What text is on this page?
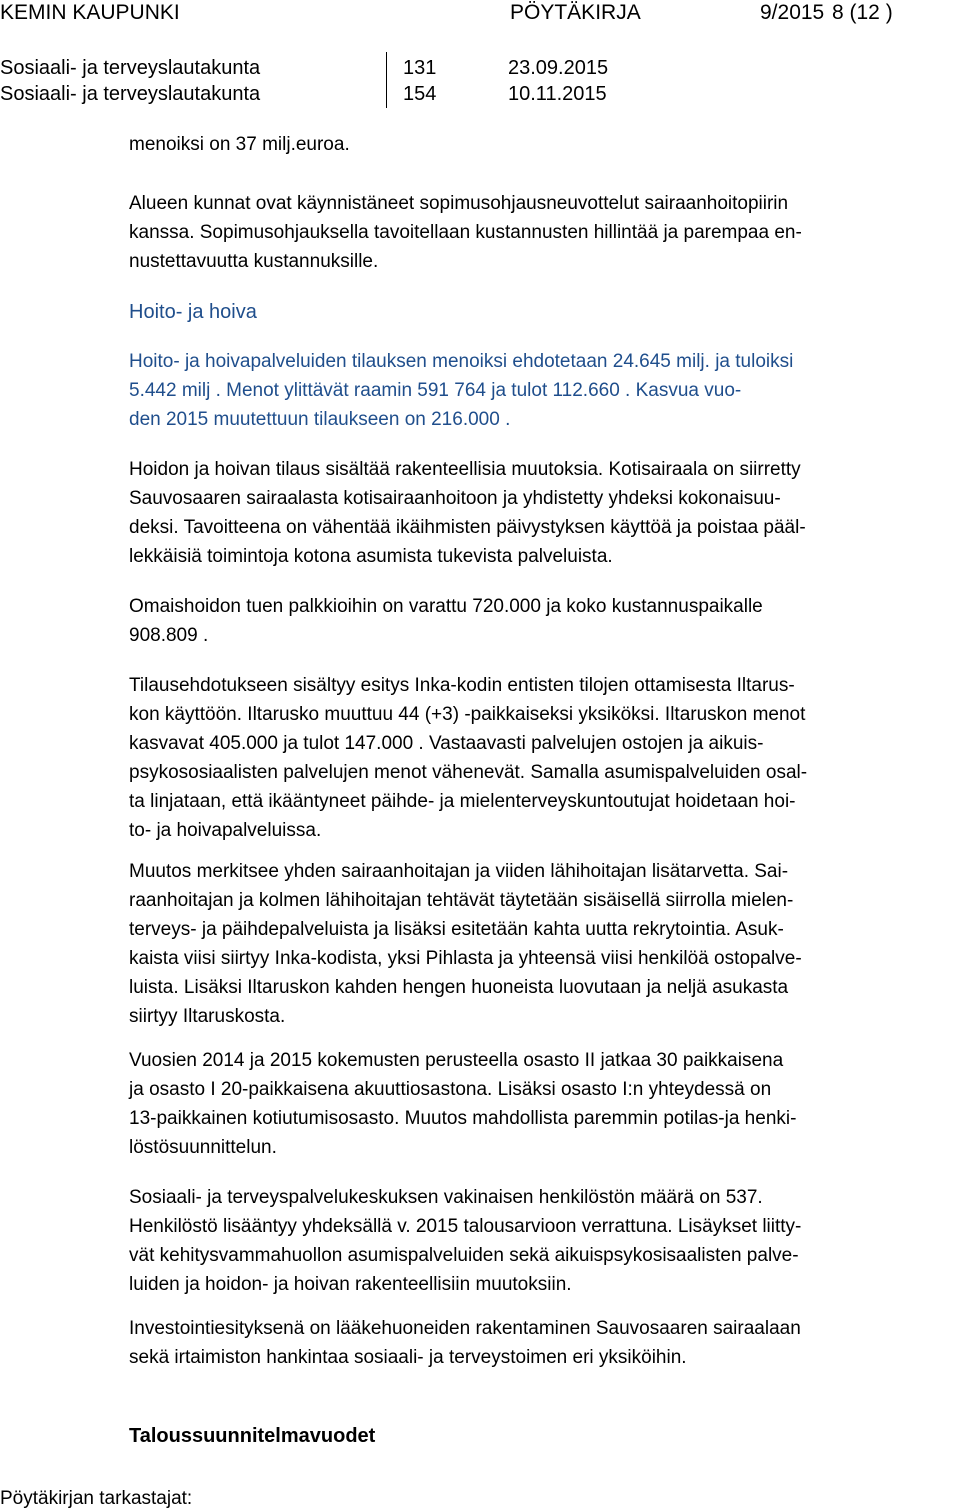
KEMIN KAUPUNKI	PÖYTÄKIRJA	9/2015 8 (12 )
Sosiaali- ja terveyslautakunta	131	23.09.2015
Sosiaali- ja terveyslautakunta	154	10.11.2015
menoiksi on 37 milj.euroa.
Alueen kunnat ovat käynnistäneet sopimusohjausneuvottelut sairaanhoitopiirin
kanssa. Sopimusohjauksella tavoitellaan kustannusten hillintää ja parempaa en-
nustettavuutta kustannuksille.
Hoito- ja hoiva
Hoito- ja hoivapalveluiden tilauksen menoiksi ehdotetaan 24.645 milj. ja tuloiksi
5.442 milj . Menot ylittävät raamin 591 764 ja tulot 112.660 . Kasvua vuo-
den 2015 muutettuun tilaukseen on 216.000 .
Hoidon ja hoivan tilaus sisältää rakenteellisia muutoksia. Kotisairaala on siirretty
Sauvosaaren sairaalasta kotisairaanhoitoon ja yhdistetty yhdeksi kokonaisuu-
deksi. Tavoitteena on vähentää ikäihmisten päivystyksen käyttöä ja poistaa pääl-
lekkäisiä toimintoja kotona asumista tukevista palveluista.
Omaishoidon tuen palkkioihin on varattu 720.000 ja koko kustannuspaikalle
908.809 .
Tilausehdotukseen sisältyy esitys Inka-kodin entisten tilojen ottamisesta Iltarus-
kon käyttöön. Iltarusko muuttuu 44 (+3) -paikkaiseksi yksiköksi. Iltaruskon menot
kasvavat 405.000 ja tulot 147.000 . Vastaavasti palvelujen ostojen ja aikuis-
psykososiaalisten palvelujen menot vähenevät. Samalla asumispalveluiden osal-
ta linjataan, että ikääntyneet päihde- ja mielenterveyskuntoutujat hoidetaan hoi-
to- ja hoivapalveluissa.
Muutos merkitsee yhden sairaanhoitajan ja viiden lähihoitajan lisätarvetta. Sai-
raanhoitajan ja kolmen lähihoitajan tehtävät täytetään sisäisellä siirrolla mielen-
terveys- ja päihdepalveluista ja lisäksi esitetään kahta uutta rekrytointia. Asuk-
kaista viisi siirtyy Inka-kodista, yksi Pihlasta ja yhteensä viisi henkilöä ostopalve-
luista. Lisäksi Iltaruskon kahden hengen huoneista luovutaan ja neljä asukasta
siirtyy Iltaruskosta.
Vuosien 2014 ja 2015 kokemusten perusteella osasto II jatkaa 30 paikkaisena
ja osasto I 20-paikkaisena akuuttiosastona. Lisäksi osasto I:n yhteydessä on
13-paikkainen kotiutumisosasto. Muutos mahdollista paremmin potilas-ja henki-
löstösuunnittelun.
Sosiaali- ja terveyspalvelukeskuksen vakinaisen henkilöstön määrä on 537.
Henkilöstö lisääntyy yhdeksällä v. 2015 talousarvioon verrattuna. Lisäykset liitty-
vät kehitysvammahuollon asumispalveluiden sekä aikuispsykosisaalisten palve-
luiden ja hoidon- ja hoivan rakenteellisiin muutoksiin.
Investointiesityksenä on lääkehuoneiden rakentaminen Sauvosaaren sairaalaan
sekä irtaimiston hankintaa sosiaali- ja terveystoimen eri yksiköihin.
Taloussuunnitelmavuodet
Pöytäkirjan tarkastajat:
